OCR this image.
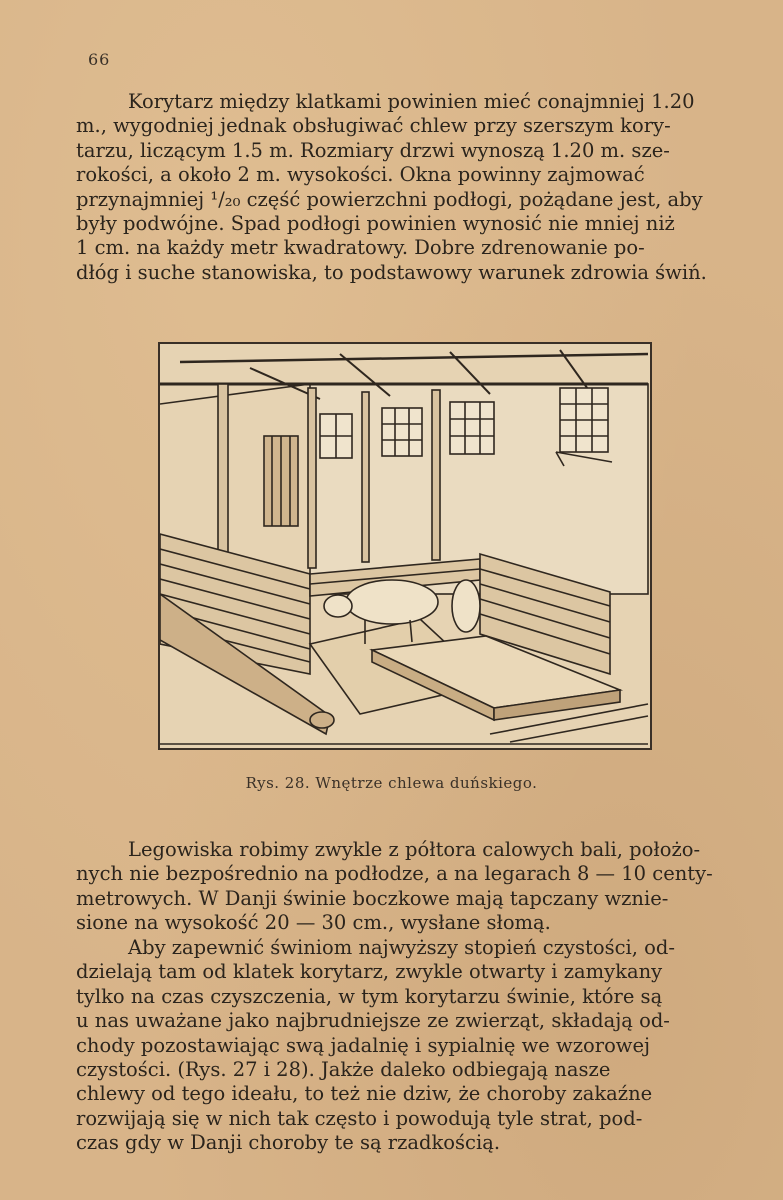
66
Korytarz między klatkami powinien mieć conajmniej 1.20
m., wygodniej jednak obsługiwać chlew przy szerszym kory-
tarzu, liczącym 1.5 m. Rozmiary drzwi wynoszą 1.20 m. sze-
rokości, a około 2 m. wysokości. Okna powinny zajmować
przynajmniej ¹/₂₀ część powierzchni podłogi, pożądane jest, aby
były podwójne. Spad podłogi powinien wynosić nie mniej niż
1 cm. na każdy metr kwadratowy. Dobre zdrenowanie po-
dłóg i suche stanowiska, to podstawowy warunek zdrowia świń.
Rys. 28. Wnętrze chlewa duńskiego.
Legowiska robimy zwykle z półtora calowych bali, położo-
nych nie bezpośrednio na podłodze, a na legarach 8 — 10 centy-
metrowych. W Danji świnie boczkowe mają tapczany wznie-
sione na wysokość 20 — 30 cm., wysłane słomą.
Aby zapewnić świniom najwyższy stopień czystości, od-
dzielają tam od klatek korytarz, zwykle otwarty i zamykany
tylko na czas czyszczenia, w tym korytarzu świnie, które są
u nas uważane jako najbrudniejsze ze zwierząt, składają od-
chody pozostawiając swą jadalnię i sypialnię we wzorowej
czystości. (Rys. 27 i 28). Jakże daleko odbiegają nasze
chlewy od tego ideału, to też nie dziw, że choroby zakaźne
rozwijają się w nich tak często i powodują tyle strat, pod-
czas gdy w Danji choroby te są rzadkością.
